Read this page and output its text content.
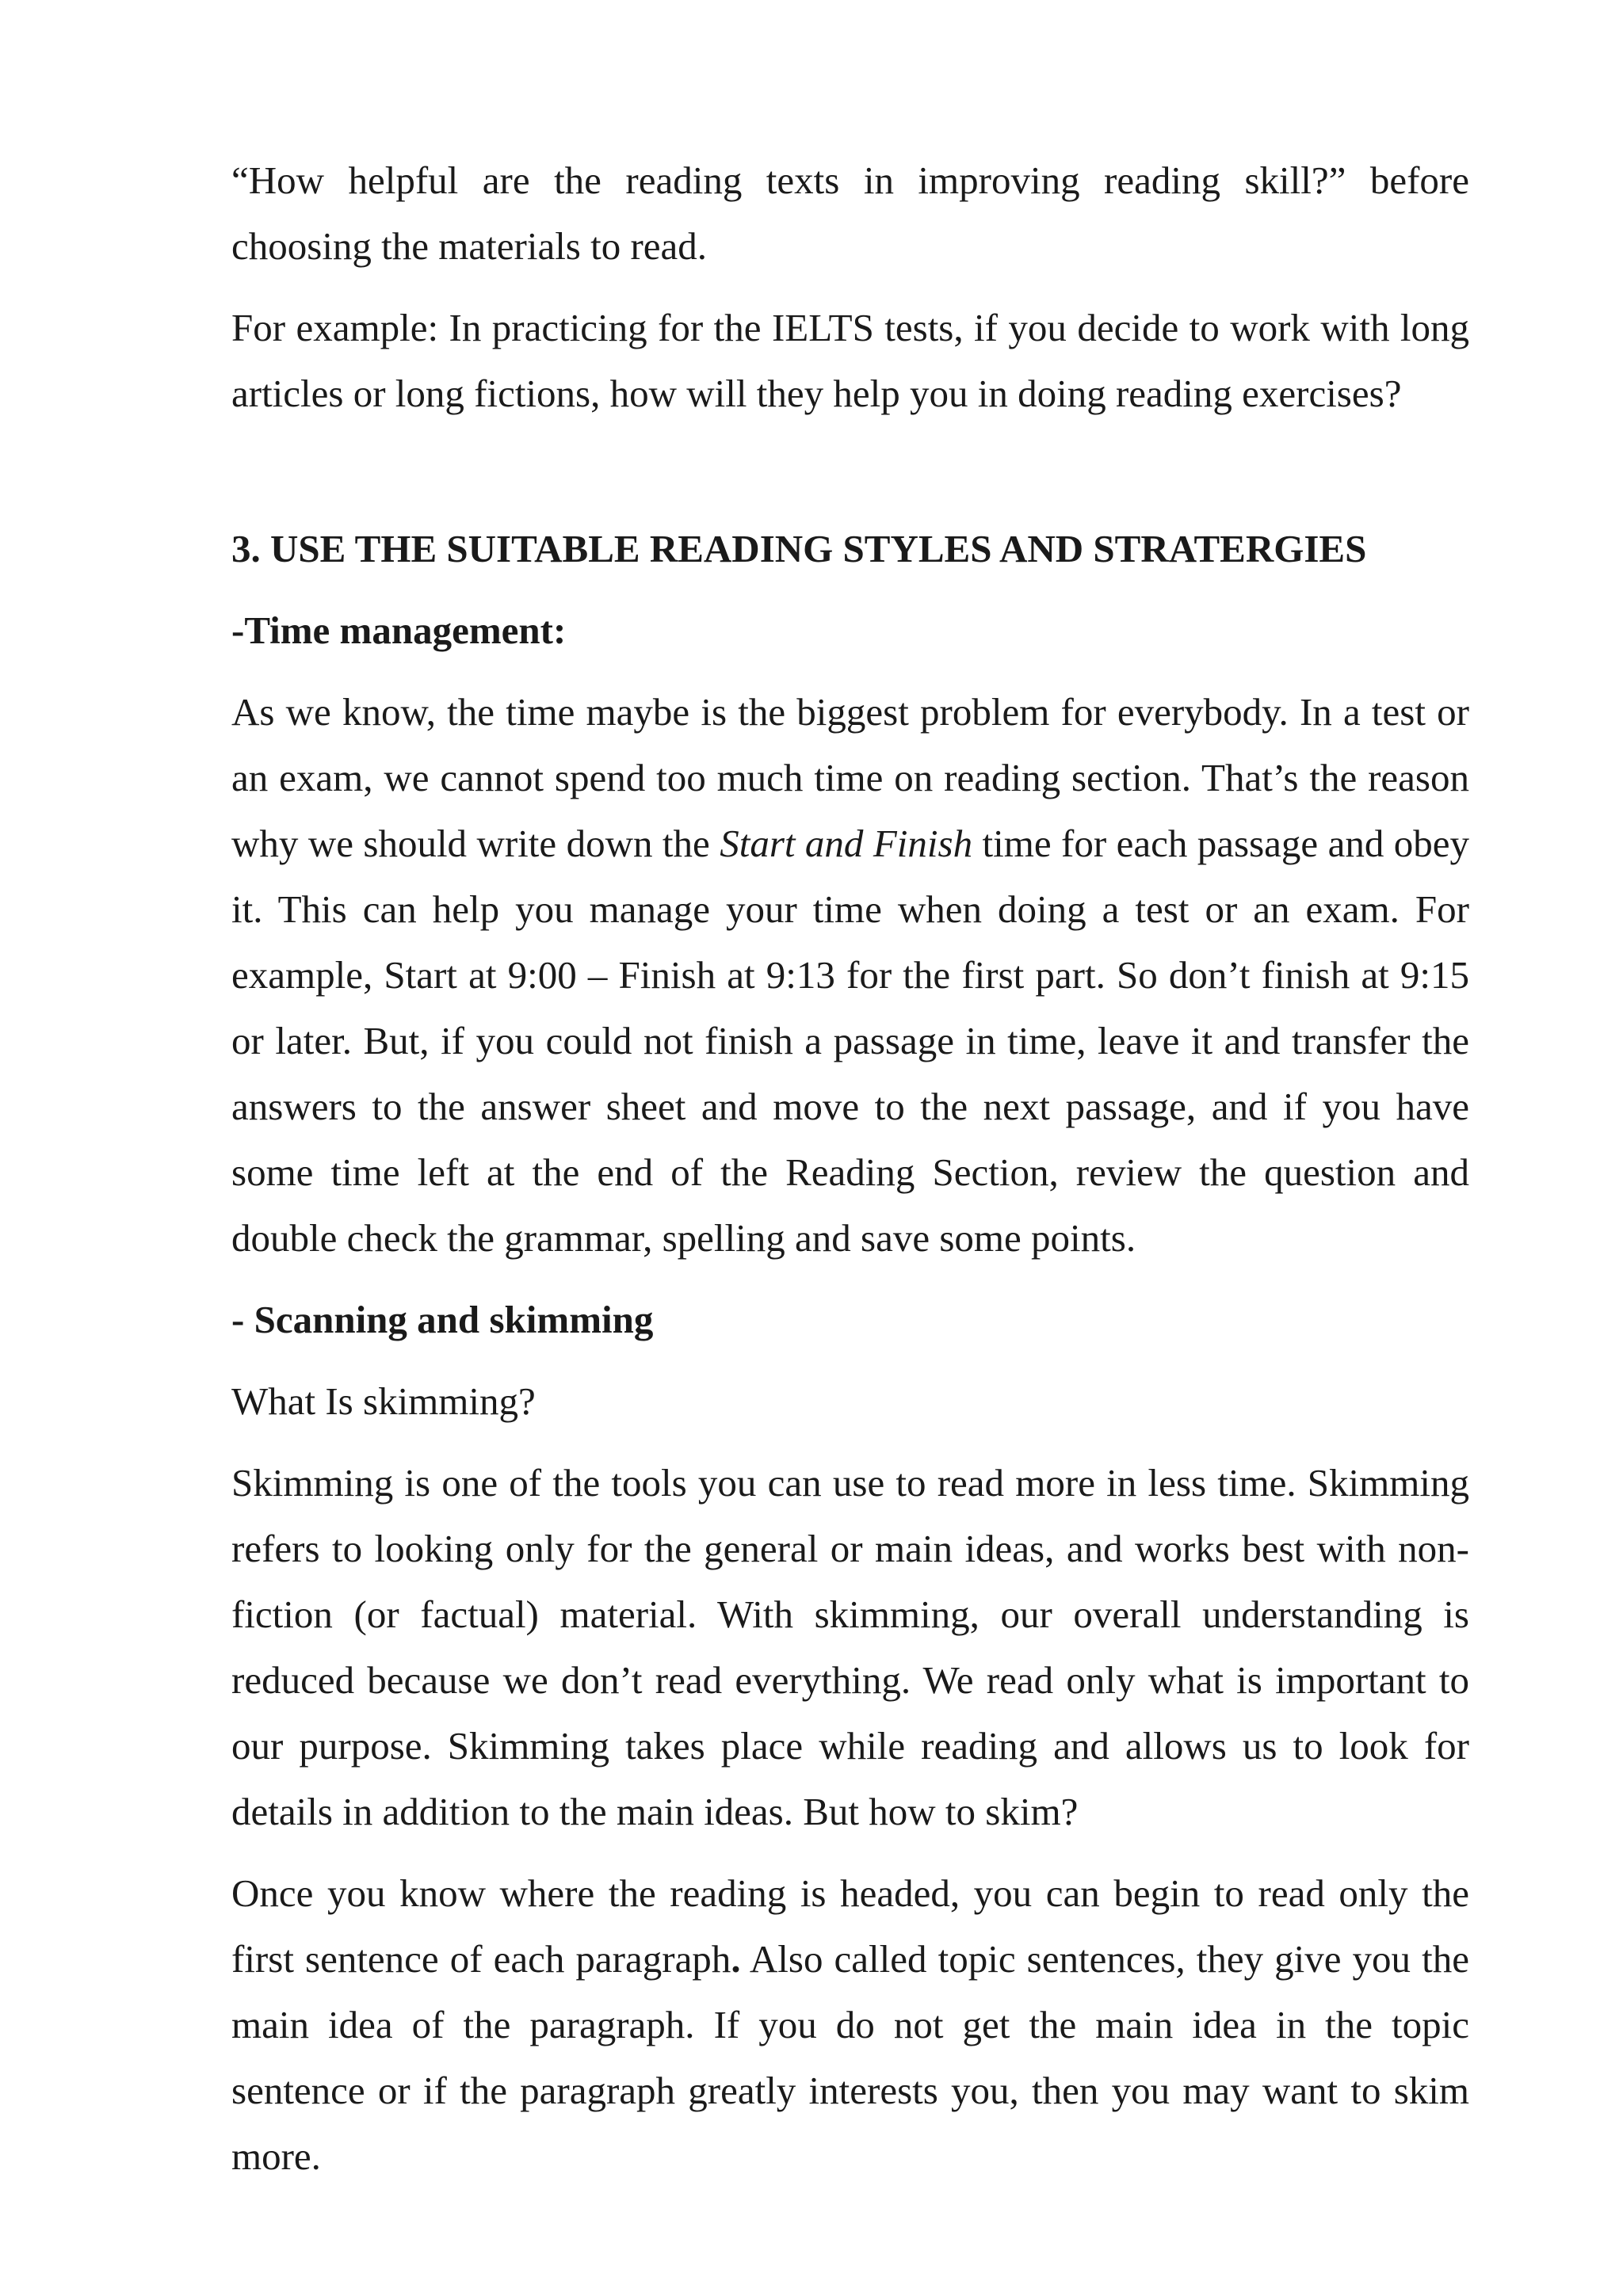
“How helpful are the reading texts in improving reading skill?” before choosing the materials to read.

For example: In practicing for the IELTS tests, if you decide to work with long articles or long fictions, how will they help you in doing reading exercises?

3. USE THE SUITABLE READING STYLES AND STRATERGIES

-Time management:

As we know, the time maybe is the biggest problem for everybody. In a test or an exam, we cannot spend too much time on reading section. That’s the reason why we should write down the Start and Finish time for each passage and obey it. This can help you manage your time when doing a test or an exam. For example, Start at 9:00 – Finish at 9:13 for the first part. So don’t finish at 9:15 or later. But, if you could not finish a passage in time, leave it and transfer the answers to the answer sheet and move to the next passage, and if you have some time left at the end of the Reading Section, review the question and double check the grammar, spelling and save some points.

- Scanning and skimming

What Is skimming?

Skimming is one of the tools you can use to read more in less time. Skimming refers to looking only for the general or main ideas, and works best with non-fiction (or factual) material. With skimming, our overall understanding is reduced because we don’t read everything. We read only what is important to our purpose. Skimming takes place while reading and allows us to look for details in addition to the main ideas. But how to skim?

Once you know where the reading is headed, you can begin to read only the first sentence of each paragraph. Also called topic sentences, they give you the main idea of the paragraph. If you do not get the main idea in the topic sentence or if the paragraph greatly interests you, then you may want to skim more.
